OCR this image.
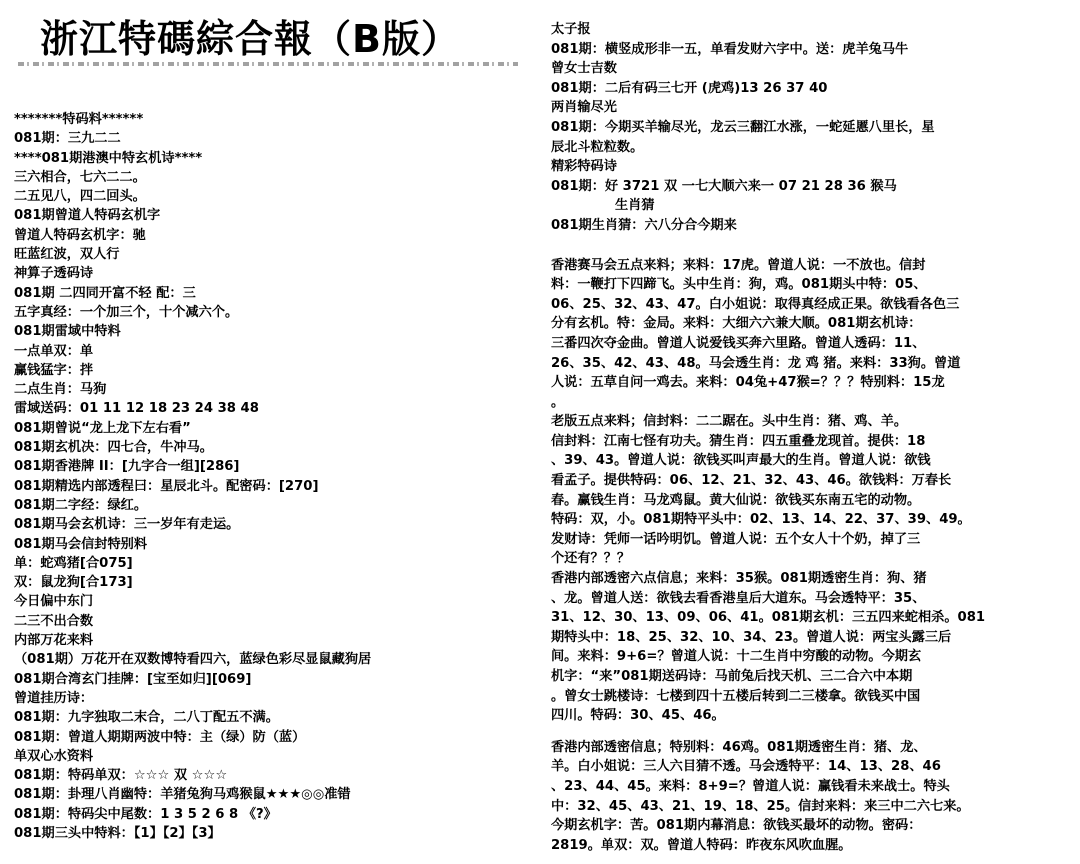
浙江特碼綜合報（B版）
*******特码料******
081期：三九二二
****081期港澳中特玄机诗****
三六相合，七六二二。
二五见八，四二回头。
081期曾道人特码玄机字
曾道人特码玄机字：驰
旺蓝红波，双人行
神算子透码诗
081期 二四同开富不轻 配：三
五字真经：一个加三个，十个减六个。
081期雷域中特料
一点单双：单
赢钱猛字：拌
二点生肖：马狗
雷域送码：01 11 12 18 23 24 38 48
081期曾说“龙上龙下左右看”
081期玄机决：四七合，牛冲马。
081期香港牌 II：[九字合一组][286]
081期精选内部透程曰：星辰北斗。配密码：[270]
081期二字经：绿红。
081期马会玄机诗：三一岁年有走运。
081期马会信封特别料
单：蛇鸡猪[合075]
双：鼠龙狗[合173]
今日偏中东门
二三不出合数
内部万花来料
（081期）万花开在双数博特看四六，蓝绿色彩尽显鼠藏狗居
081期合湾玄门挂牌：[宝至如归][069]
曾道挂历诗：
081期：九字独取二末合，二八丁配五不满。
081期：曾道人期期两波中特：主（绿）防（蓝）
单双心水资料
081期：特码单双：☆☆☆ 双 ☆☆☆
081期：卦理八肖幽特：羊猪兔狗马鸡猴鼠★★★◎◎准错
081期：特码尖中尾数：1 3 5 2 6 8 《?》
081期三头中特料：【1】【2】【3】
太子报
081期：横竖成形非一五，单看发财六字中。送：虎羊兔马牛
曾女士吉数
081期：二后有码三七开 (虎鸡)13 26 37 40
两肖输尽光
081期：今期买羊输尽光，龙云三翻江水涨，一蛇延慝八里长，星
辰北斗粒粒数。
精彩特码诗
081期：好 3721 双 一七大顺六来一 07 21 28 36 猴马
生肖猜
081期生肖猜：六八分合今期来
香港赛马会五点来料；来料：17虎。曾道人说：一不放也。信封
料：一鞭打下四蹄飞。头中生肖：狗，鸡。081期头中特：05、
06、25、32、43、47。白小姐说：取得真经成正果。欲钱看各色三
分有玄机。特：金局。来料：大细六六兼大顺。081期玄机诗：
三番四次夺金曲。曾道人说爱钱买奔六里路。曾道人透码：11、
26、35、42、43、48。马会透生肖：龙 鸡 猪。来料：33狗。曾道
人说：五草自问一鸡去。来料：04兔+47猴=？？？特别料：15龙
。
老版五点来料；信封料：二二踞在。头中生肖：猪、鸡、羊。
信封料：江南七怪有功夫。猜生肖：四五重叠龙现首。提供：18
、39、43。曾道人说：欲钱买叫声最大的生肖。曾道人说：欲钱
看孟子。提供特码：06、12、21、32、43、46。欲钱料：万春长
春。赢钱生肖：马龙鸡鼠。黄大仙说：欲钱买东南五宅的动物。
特码：双，小。081期特平头中：02、13、14、22、37、39、49。
发财诗：凭师一话吟明饥。曾道人说：五个女人十个奶，掉了三
个还有？？？
香港内部透密六点信息；来料：35猴。081期透密生肖：狗、猪
、龙。曾道人送：欲钱去看香港皇后大道东。马会透特平：35、
31、12、30、13、09、06、41。081期玄机：三五四来蛇相杀。081
期特头中：18、25、32、10、34、23。曾道人说：两宝头露三后
间。来料：9+6=？曾道人说：十二生肖中穷酸的动物。今期玄
机字：“来”081期送码诗：马前兔后找天机、三二合六中本期
。曾女士跳楼诗：七楼到四十五楼后转到二三楼拿。欲钱买中国
四川。特码：30、45、46。
香港内部透密信息；特别料：46鸡。081期透密生肖：猪、龙、
羊。白小姐说：三人六目猜不透。马会透特平：14、13、28、46
、23、44、45。来料：8+9=？曾道人说：赢钱看未来战士。特头
中：32、45、43、21、19、18、25。信封来料：来三中二六七来。
今期玄机字：苦。081期内幕消息：欲钱买最坏的动物。密码：
2819。单双：双。曾道人特码：昨夜东风吹血腥。
